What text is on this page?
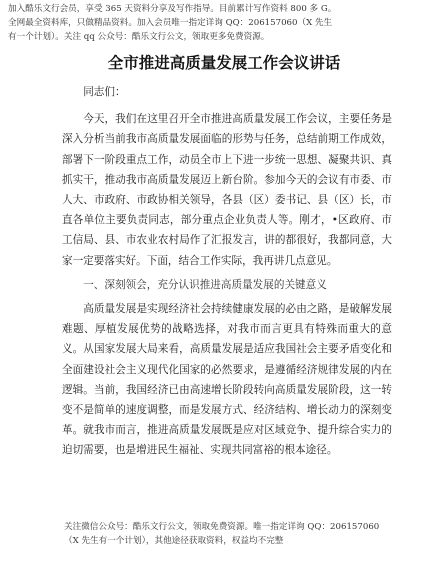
加入酷乐文行会员，享受 365 天资料分享及写作指导。目前累计写作资料 800 多 G。
全网最全资料库，只做精品资料。加入会员唯一指定详询 QQ：206157060（X 先生
有一个计划）。关注 qq 公众号：酷乐文行公文，领取更多免费资源。
全市推进高质量发展工作会议讲话

同志们：

今天，我们在这里召开全市推进高质量发展工作会议，主要任务是深入分析当前我市高质量发展面临的形势与任务，总结前期工作成效，部署下一阶段重点工作，动员全市上下进一步统一思想、凝聚共识、真抓实干，推动我市高质量发展迈上新台阶。参加今天的会议有市委、市人大、市政府、市政协相关领导，各县（区）委书记、县（区）长，市直各单位主要负责同志，部分重点企业负责人等。刚才，•区政府、市工信局、县、市农业农村局作了汇报发言，讲的都很好，我都同意，大家一定要落实好。下面，结合工作实际，我再讲几点意见。

一、深刻领会，充分认识推进高质量发展的关键意义

高质量发展是实现经济社会持续健康发展的必由之路，是破解发展难题、厚植发展优势的战略选择，对我市而言更具有特殊而重大的意义。从国家发展大局来看，高质量发展是适应我国社会主要矛盾变化和全面建设社会主义现代化国家的必然要求，是遵循经济规律发展的内在逻辑。当前，我国经济已由高速增长阶段转向高质量发展阶段，这一转变不是简单的速度调整，而是发展方式、经济结构、增长动力的深刻变革。就我市而言，推进高质量发展既是应对区域竞争、提升综合实力的迫切需要，也是增进民生福祉、实现共同富裕的根本途径。

关注微信公众号：酷乐文行公文，领取免费资源。唯一指定详询 QQ：206157060
（X 先生有一个计划），其他途径获取资料，权益均不完整
